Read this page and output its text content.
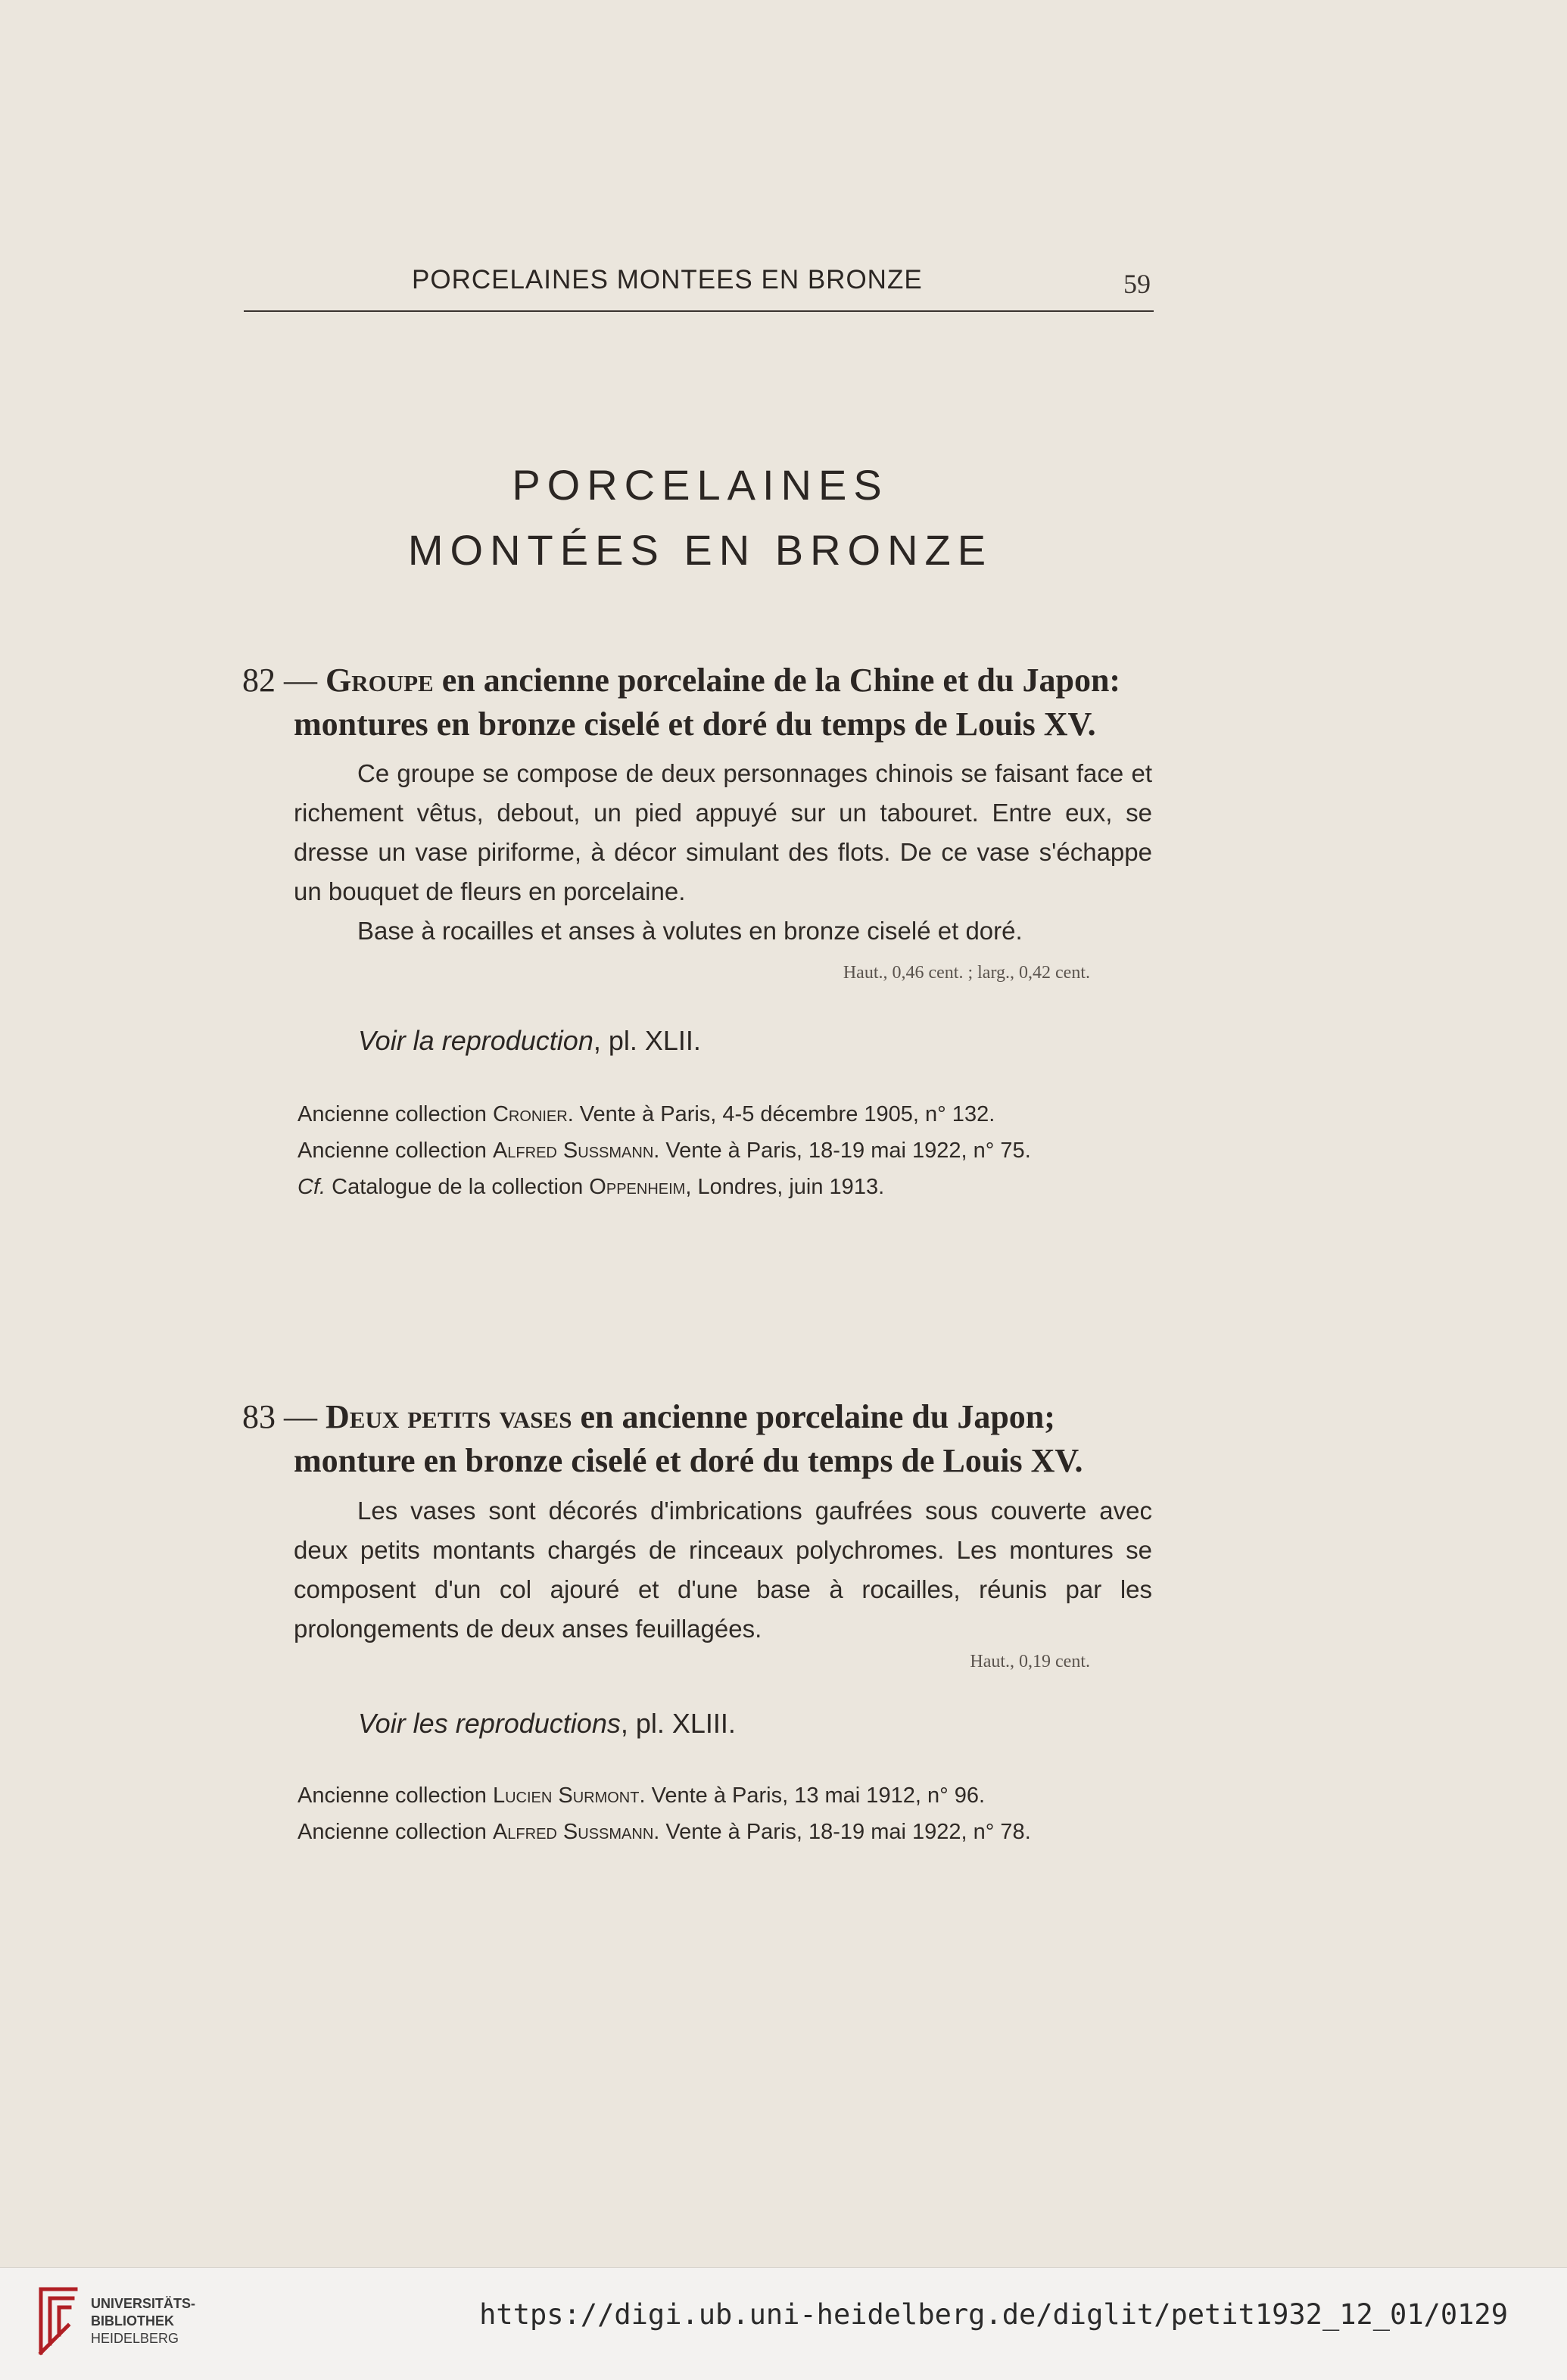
PORCELAINES MONTEES EN BRONZE	59
PORCELAINES
MONTÉES EN BRONZE
82 — Groupe en ancienne porcelaine de la Chine et du Japon:
montures en bronze ciselé et doré du temps de Louis XV.

Ce groupe se compose de deux personnages chinois se faisant face et richement vêtus, debout, un pied appuyé sur un tabouret. Entre eux, se dresse un vase piriforme, à décor simulant des flots. De ce vase s'échappe un bouquet de fleurs en porcelaine.

Base à rocailles et anses à volutes en bronze ciselé et doré.

Haut., 0,46 cent. ; larg., 0,42 cent.
Voir la reproduction, pl. XLII.
Ancienne collection Cronier. Vente à Paris, 4-5 décembre 1905, n° 132.
Ancienne collection Alfred Sussmann. Vente à Paris, 18-19 mai 1922, n° 75.
Cf. Catalogue de la collection Oppenheim, Londres, juin 1913.
83 — Deux petits vases en ancienne porcelaine du Japon;
monture en bronze ciselé et doré du temps de Louis XV.

Les vases sont décorés d'imbrications gaufrées sous couverte avec deux petits montants chargés de rinceaux polychromes. Les montures se composent d'un col ajouré et d'une base à rocailles, réunis par les prolongements de deux anses feuillagées.

Haut., 0,19 cent.
Voir les reproductions, pl. XLIII.
Ancienne collection Lucien Surmont. Vente à Paris, 13 mai 1912, n° 96.
Ancienne collection Alfred Sussmann. Vente à Paris, 18-19 mai 1922, n° 78.
UNIVERSITÄTS-
BIBLIOTHEK
HEIDELBERG
https://digi.ub.uni-heidelberg.de/diglit/petit1932_12_01/0129
